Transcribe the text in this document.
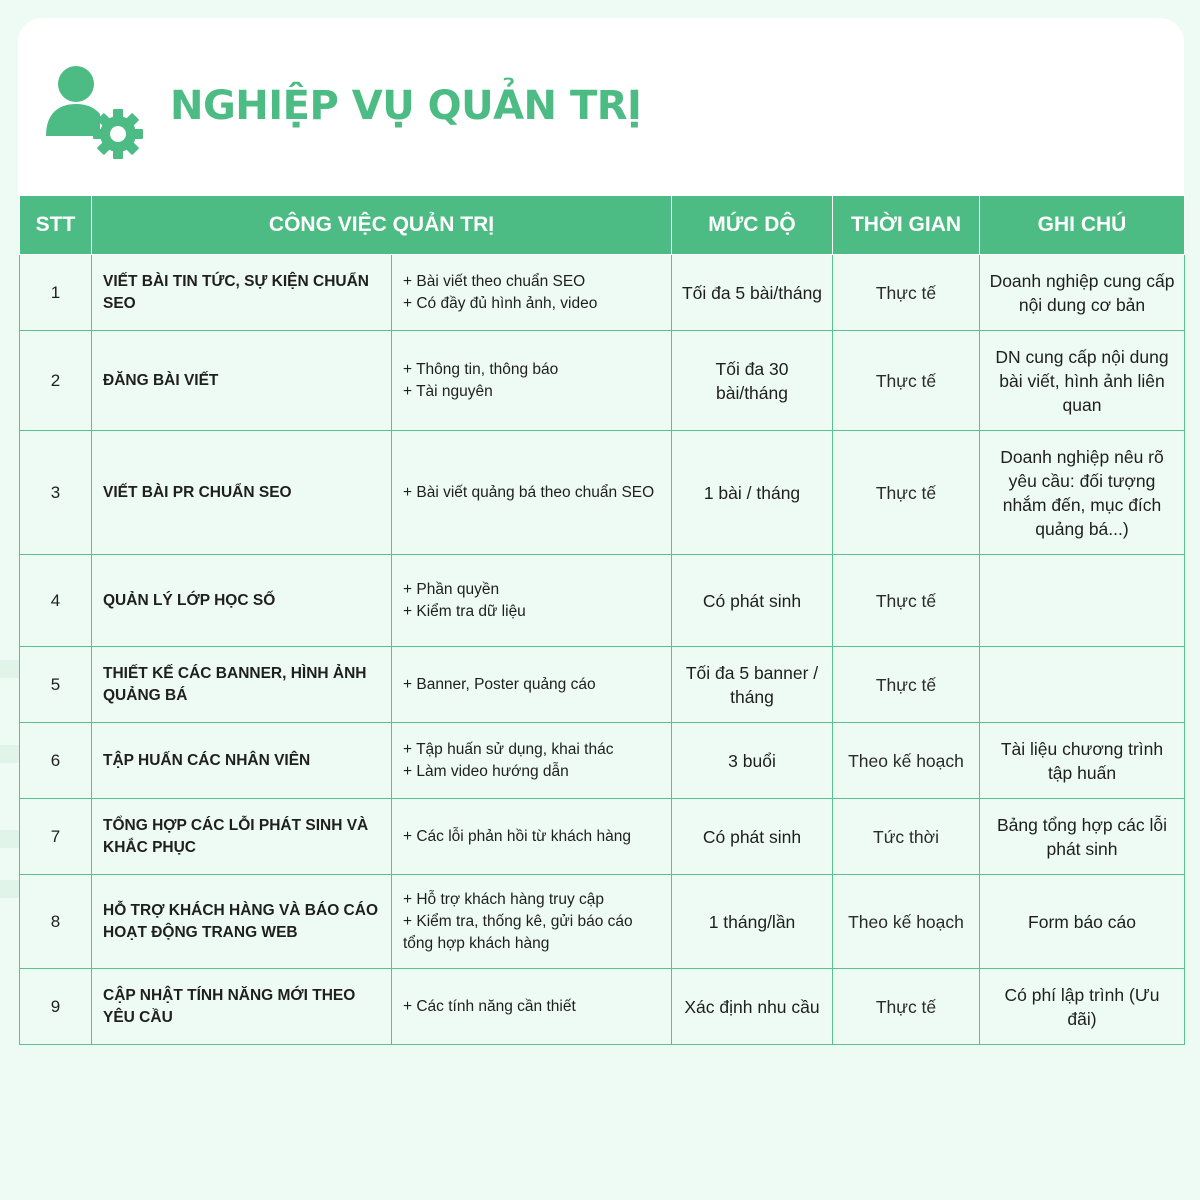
NGHIỆP VỤ QUẢN TRỊ
STT	CÔNG VIỆC QUẢN TRỊ		MỨC DỘ	THỜI GIAN	GHI CHÚ
1	VIẾT BÀI TIN TỨC, SỰ KIỆN CHUẨN SEO	+ Bài viết theo chuẩn SEO
+ Có đầy đủ hình ảnh, video	Tối đa 5 bài/tháng	Thực tế	Doanh nghiệp cung cấp nội dung cơ bản
2	ĐĂNG BÀI VIẾT	+ Thông tin, thông báo
+ Tài nguyên	Tối đa 30 bài/tháng	Thực tế	DN cung cấp nội dung bài viết, hình ảnh liên quan
3	VIẾT BÀI PR CHUẨN SEO	+ Bài viết quảng bá theo chuẩn SEO	1 bài / tháng	Thực tế	Doanh nghiệp nêu rõ yêu cầu: đối tượng nhắm đến, mục đích quảng bá...)
4	QUẢN LÝ LỚP HỌC SỐ	+ Phần quyền
+ Kiểm tra dữ liệu	Có phát sinh	Thực tế	
5	THIẾT KẾ CÁC BANNER, HÌNH ẢNH QUẢNG BÁ	+ Banner, Poster quảng cáo	Tối đa 5 banner / tháng	Thực tế	
6	TẬP HUẤN CÁC NHÂN VIÊN	+ Tập huấn sử dụng, khai thác
+ Làm video hướng dẫn	3 buổi	Theo kế hoạch	Tài liệu chương trình tập huấn
7	TỔNG HỢP CÁC LỖI PHÁT SINH VÀ KHẮC PHỤC	+ Các lỗi phản hồi từ khách hàng	Có phát sinh	Tức thời	Bảng tổng hợp các lỗi phát sinh
8	HỖ TRỢ KHÁCH HÀNG VÀ BÁO CÁO HOẠT ĐỘNG TRANG WEB	+ Hỗ trợ khách hàng truy cập
+ Kiểm tra, thống kê, gửi báo cáo tổng hợp khách hàng	1 tháng/lần	Theo kế hoạch	Form báo cáo
9	CẬP NHẬT TÍNH NĂNG MỚI THEO YÊU CẦU	+ Các tính năng cần thiết	Xác định nhu cầu	Thực tế	Có phí lập trình (Ưu đãi)
